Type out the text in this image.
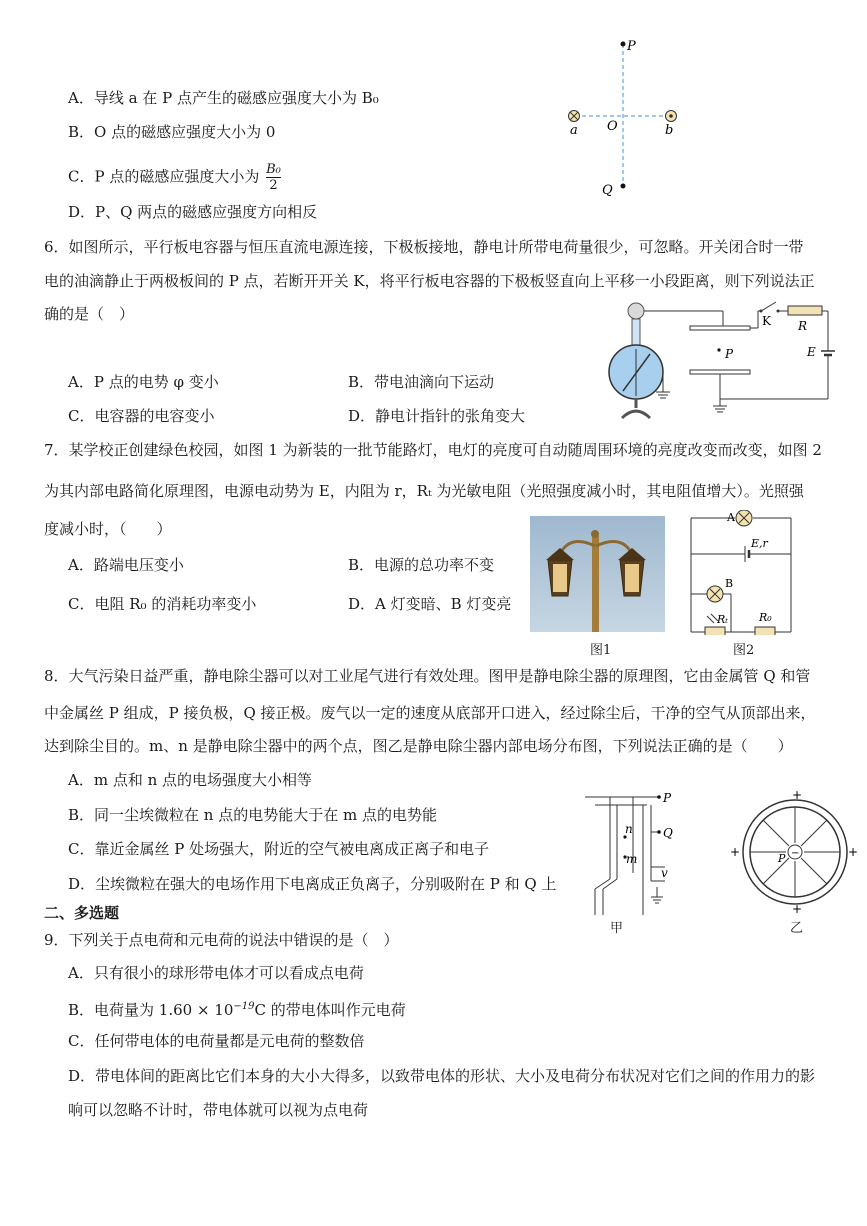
A．导线 a 在 P 点产生的磁感应强度大小为 B₀
B．O 点的磁感应强度大小为 0
C．P 点的磁感应强度大小为 $\frac{\text{B₀}}{2}$
D．P、Q 两点的磁感应强度方向相反
P
O
Q
a	b
6．如图所示，平行板电容器与恒压直流电源连接，下极板接地，静电计所带电荷量很少，可忽略。开关闭合时一带
电的油滴静止于两极板间的 P 点，若断开开关 K，将平行板电容器的下极板竖直向上平移一小段距离，则下列说法正
确的是（　）
A．P 点的电势 φ 变小	B．带电油滴向下运动
C．电容器的电容变小	D．静电计指针的张角变大
K R
E
P
7．某学校正创建绿色校园，如图 1 为新装的一批节能路灯，电灯的亮度可自动随周围环境的亮度改变而改变，如图 2
为其内部电路简化原理图，电源电动势为 E，内阻为 r，Rₜ 为光敏电阻（光照强度减小时，其电阻值增大）。光照强
度减小时，（　　）
A．路端电压变小	B．电源的总功率不变
C．电阻 R₀ 的消耗功率变小	D．A 灯变暗、B 灯变亮
图1
A
E,r
B
Rₜ	R₀
图2
8．大气污染日益严重，静电除尘器可以对工业尾气进行有效处理。图甲是静电除尘器的原理图，它由金属管 Q 和管
中金属丝 P 组成，P 接负极，Q 接正极。废气以一定的速度从底部开口进入，经过除尘后，干净的空气从顶部出来，
达到除尘目的。m、n 是静电除尘器中的两个点，图乙是静电除尘器内部电场分布图，下列说法正确的是（　　）
A．m 点和 n 点的电场强度大小相等
B．同一尘埃微粒在 n 点的电势能大于在 m 点的电势能
C．靠近金属丝 P 处场强大，附近的空气被电离成正离子和电子
D．尘埃微粒在强大的电场作用下电离成正负离子，分别吸附在 P 和 Q 上
P
Q
n
m
v
甲
+
+
+	+
−
P
乙
二、多选题
9．下列关于点电荷和元电荷的说法中错误的是（　）
A．只有很小的球形带电体才可以看成点电荷
B．电荷量为 $1.60 \times 10^{-19}C$ 的带电体叫作元电荷
C．任何带电体的电荷量都是元电荷的整数倍
D．带电体间的距离比它们本身的大小大得多，以致带电体的形状、大小及电荷分布状况对它们之间的作用力的影
响可以忽略不计时，带电体就可以视为点电荷
